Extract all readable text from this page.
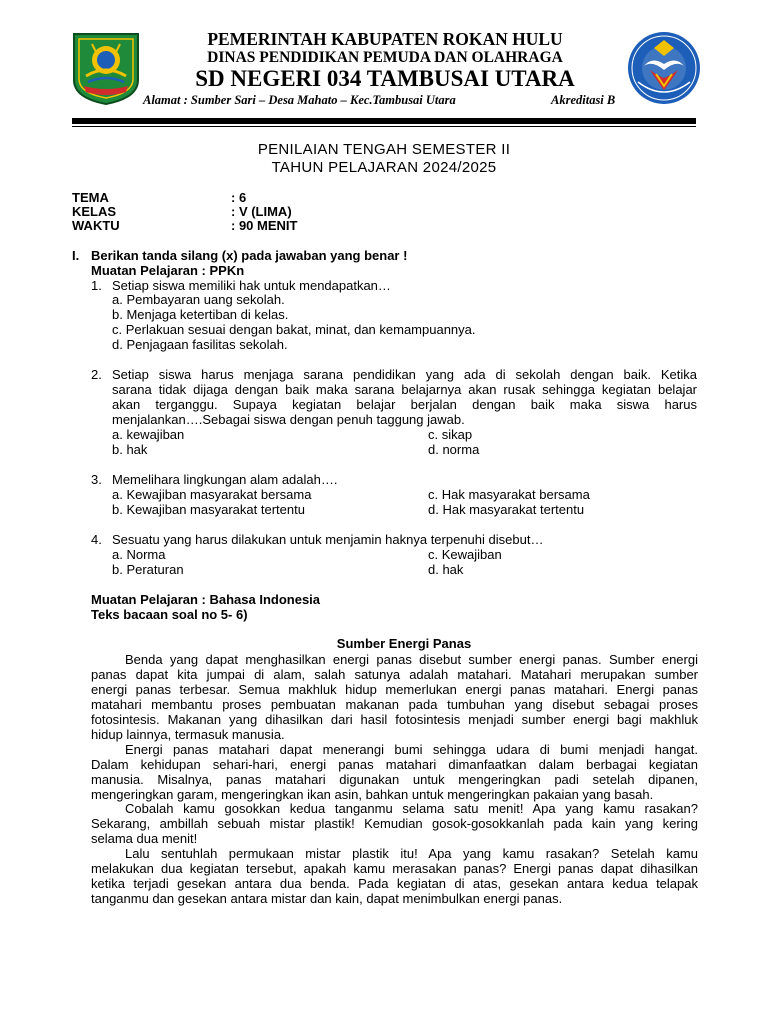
PEMERINTAH KABUPATEN ROKAN HULU
DINAS PENDIDIKAN PEMUDA DAN OLAHRAGA
SD NEGERI 034 TAMBUSAI UTARA
Alamat : Sumber Sari – Desa Mahato – Kec.Tambusai Utara	Akreditasi B
PENILAIAN TENGAH SEMESTER II
TAHUN PELAJARAN 2024/2025
TEMA	: 6
KELAS	: V (LIMA)
WAKTU	: 90 MENIT
I. Berikan tanda silang (x) pada jawaban yang benar !
Muatan Pelajaran : PPKn
1. Setiap siswa memiliki hak untuk mendapatkan…
a. Pembayaran uang sekolah.
b. Menjaga ketertiban di kelas.
c. Perlakuan sesuai dengan bakat, minat, dan kemampuannya.
d. Penjagaan fasilitas sekolah.
2. Setiap siswa harus menjaga sarana pendidikan yang ada di sekolah dengan baik. Ketika
sarana tidak dijaga dengan baik maka sarana belajarnya akan rusak sehingga kegiatan belajar
akan terganggu. Supaya kegiatan belajar berjalan dengan baik maka siswa harus
menjalankan….Sebagai siswa dengan penuh taggung jawab.
a. kewajiban
b. hak
c. sikap
d. norma
3. Memelihara lingkungan alam adalah….
a. Kewajiban masyarakat bersama
b. Kewajiban masyarakat tertentu
c. Hak masyarakat bersama
d. Hak masyarakat tertentu
4. Sesuatu yang harus dilakukan untuk menjamin haknya terpenuhi disebut…
a. Norma
b. Peraturan
c. Kewajiban
d. hak
Muatan Pelajaran : Bahasa Indonesia
Teks bacaan soal no 5- 6)
Sumber Energi Panas
Benda yang dapat menghasilkan energi panas disebut sumber energi panas. Sumber energi
panas dapat kita jumpai di alam, salah satunya adalah matahari. Matahari merupakan sumber
energi panas terbesar. Semua makhluk hidup memerlukan energi panas matahari. Energi panas
matahari membantu proses pembuatan makanan pada tumbuhan yang disebut sebagai proses
fotosintesis. Makanan yang dihasilkan dari hasil fotosintesis menjadi sumber energi bagi makhluk
hidup lainnya, termasuk manusia.
Energi panas matahari dapat menerangi bumi sehingga udara di bumi menjadi hangat.
Dalam kehidupan sehari-hari, energi panas matahari dimanfaatkan dalam berbagai kegiatan
manusia. Misalnya, panas matahari digunakan untuk mengeringkan padi setelah dipanen,
mengeringkan garam, mengeringkan ikan asin, bahkan untuk mengeringkan pakaian yang basah.
Cobalah kamu gosokkan kedua tanganmu selama satu menit! Apa yang kamu rasakan?
Sekarang, ambillah sebuah mistar plastik! Kemudian gosok-gosokkanlah pada kain yang kering
selama dua menit!
Lalu sentuhlah permukaan mistar plastik itu! Apa yang kamu rasakan? Setelah kamu
melakukan dua kegiatan tersebut, apakah kamu merasakan panas? Energi panas dapat dihasilkan
ketika terjadi gesekan antara dua benda. Pada kegiatan di atas, gesekan antara kedua telapak
tanganmu dan gesekan antara mistar dan kain, dapat menimbulkan energi panas.
